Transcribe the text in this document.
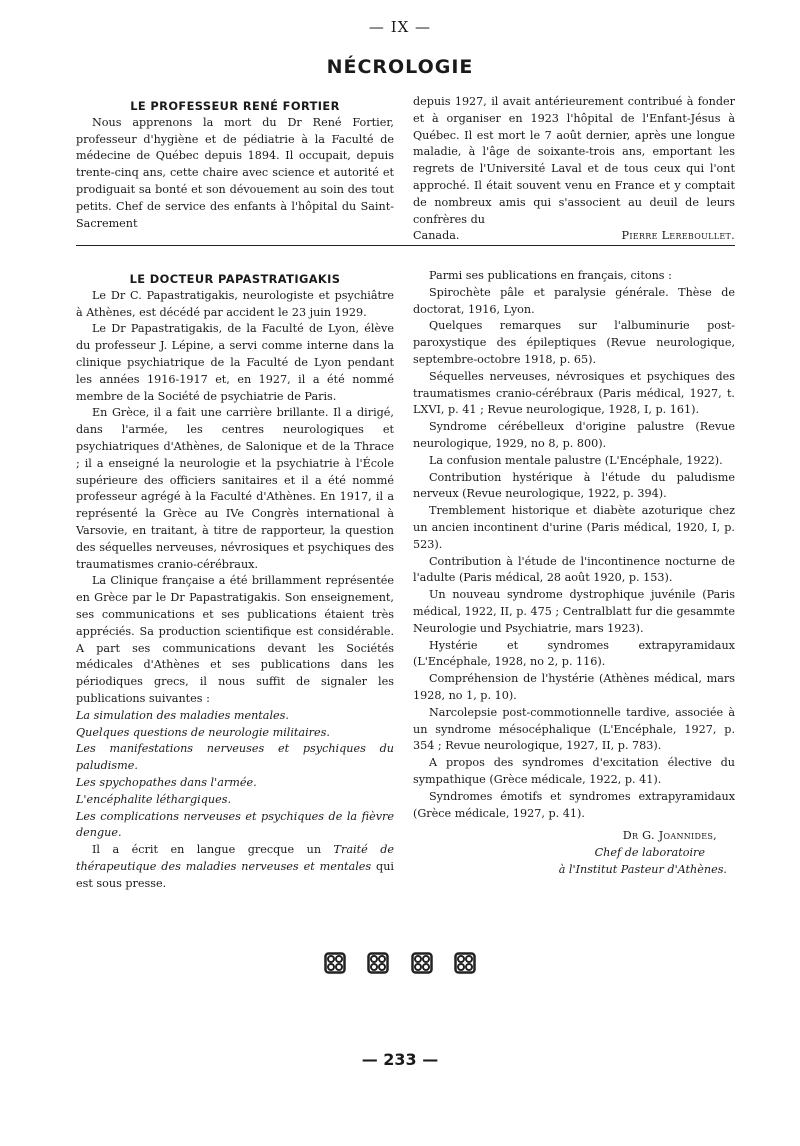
— IX —
NÉCROLOGIE

LE PROFESSEUR RENÉ FORTIER

Nous apprenons la mort du Dr René Fortier, professeur d'hygiène et de pédiatrie à la Faculté de médecine de Québec depuis 1894. Il occupait, depuis trente-cinq ans, cette chaire avec science et autorité et prodiguait sa bonté et son dévouement au soin des tout petits. Chef de service des enfants à l'hôpital du Saint-Sacrement

depuis 1927, il avait antérieurement contribué à fonder et à organiser en 1923 l'hôpital de l'Enfant-Jésus à Québec. Il est mort le 7 août dernier, après une longue maladie, à l'âge de soixante-trois ans, emportant les regrets de l'Université Laval et de tous ceux qui l'ont approché. Il était souvent venu en France et y comptait de nombreux amis qui s'associent au deuil de leurs confrères du

Canada.	Pierre Lereboullet.

LE DOCTEUR PAPASTRATIGAKIS

Le Dr C. Papastratigakis, neurologiste et psychiâtre à Athènes, est décédé par accident le 23 juin 1929.

Le Dr Papastratigakis, de la Faculté de Lyon, élève du professeur J. Lépine, a servi comme interne dans la clinique psychiatrique de la Faculté de Lyon pendant les années 1916-1917 et, en 1927, il a été nommé membre de la Société de psychiatrie de Paris.

En Grèce, il a fait une carrière brillante. Il a dirigé, dans l'armée, les centres neurologiques et psychiatriques d'Athènes, de Salonique et de la Thrace ; il a enseigné la neurologie et la psychiatrie à l'École supérieure des officiers sanitaires et il a été nommé professeur agrégé à la Faculté d'Athènes. En 1917, il a représenté la Grèce au IVe Congrès international à Varsovie, en traitant, à titre de rapporteur, la question des séquelles nerveuses, névrosiques et psychiques des traumatismes cranio-cérébraux.

La Clinique française a été brillamment représentée en Grèce par le Dr Papastratigakis. Son enseignement, ses communications et ses publications étaient très appréciés. Sa production scientifique est considérable. A part ses communications devant les Sociétés médicales d'Athènes et ses publications dans les périodiques grecs, il nous suffit de signaler les publications suivantes :

La simulation des maladies mentales.

Quelques questions de neurologie militaires.

Les manifestations nerveuses et psychiques du paludisme.

Les spychopathes dans l'armée.

L'encéphalite léthargiques.

Les complications nerveuses et psychiques de la fièvre dengue.

Il a écrit en langue grecque un Traité de thérapeutique des maladies nerveuses et mentales qui est sous presse.

Parmi ses publications en français, citons :

Spirochète pâle et paralysie générale. Thèse de doctorat, 1916, Lyon.

Quelques remarques sur l'albuminurie post-paroxystique des épileptiques (Revue neurologique, septembre-octobre 1918, p. 65).

Séquelles nerveuses, névrosiques et psychiques des traumatismes cranio-cérébraux (Paris médical, 1927, t. LXVI, p. 41 ; Revue neurologique, 1928, I, p. 161).

Syndrome cérébelleux d'origine palustre (Revue neurologique, 1929, no 8, p. 800).

La confusion mentale palustre (L'Encéphale, 1922).

Contribution hystérique à l'étude du paludisme nerveux (Revue neurologique, 1922, p. 394).

Tremblement historique et diabète azoturique chez un ancien incontinent d'urine (Paris médical, 1920, I, p. 523).

Contribution à l'étude de l'incontinence nocturne de l'adulte (Paris médical, 28 août 1920, p. 153).

Un nouveau syndrome dystrophique juvénile (Paris médical, 1922, II, p. 475 ; Centralblatt fur die gesammte Neurologie und Psychiatrie, mars 1923).

Hystérie et syndromes extrapyramidaux (L'Encéphale, 1928, no 2, p. 116).

Compréhension de l'hystérie (Athènes médical, mars 1928, no 1, p. 10).

Narcolepsie post-commotionnelle tardive, associée à un syndrome mésocéphalique (L'Encéphale, 1927, p. 354 ; Revue neurologique, 1927, II, p. 783).

A propos des syndromes d'excitation élective du sympathique (Grèce médicale, 1922, p. 41).

Syndromes émotifs et syndromes extrapyramidaux (Grèce médicale, 1927, p. 41).

Dr G. Joannides,

Chef de laboratoire

à l'Institut Pasteur d'Athènes.

— 233 —
